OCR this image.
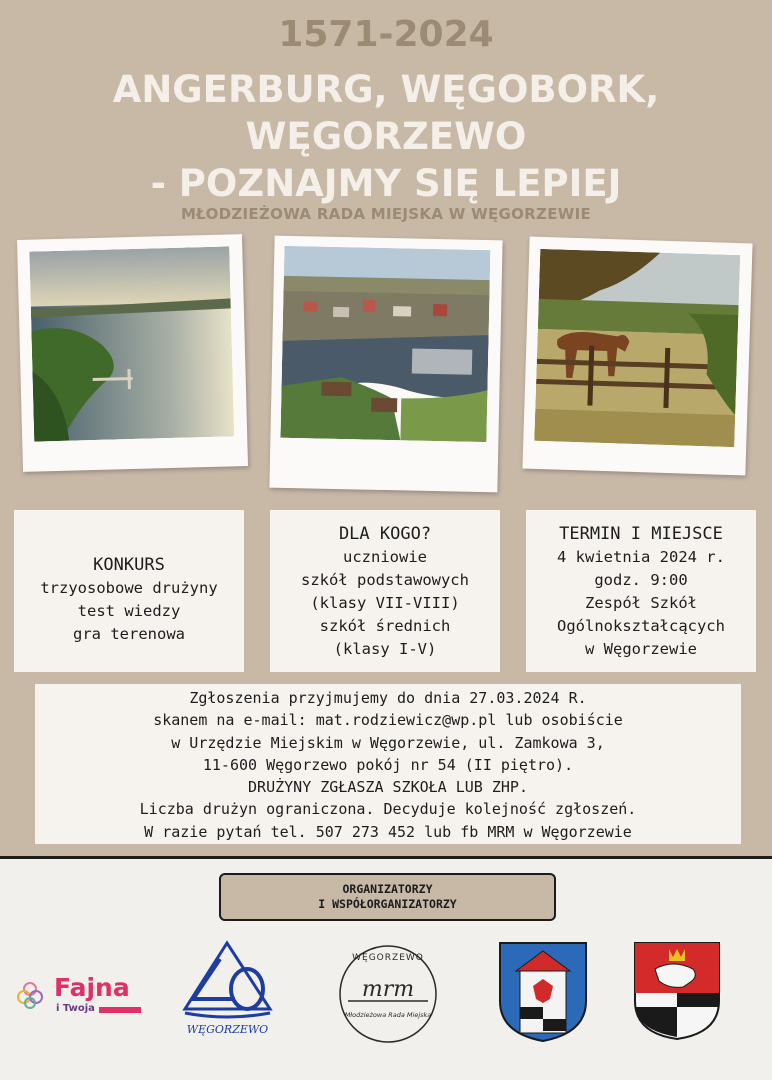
1571-2024
ANGERBURG, WĘGOBORK,
WĘGORZEWO
- POZNAJMY SIĘ LEPIEJ
MŁODZIEŻOWA RADA MIEJSKA W WĘGORZEWIE
KONKURS
trzyosobowe drużyny
test wiedzy
gra terenowa
DLA KOGO?
uczniowie
szkół podstawowych
(klasy VII-VIII)
szkół średnich
(klasy I-V)
TERMIN I MIEJSCE
4 kwietnia 2024 r.
godz. 9:00
Zespół Szkół
Ogólnokształcących
w Węgorzewie
Zgłoszenia przyjmujemy do dnia 27.03.2024 R.
skanem na e-mail: mat.rodziewicz@wp.pl lub osobiście
w Urzędzie Miejskim w Węgorzewie, ul. Zamkowa 3,
11-600 Węgorzewo pokój nr 54 (II piętro).
DRUŻYNY ZGŁASZA SZKOŁA LUB ZHP.
Liczba drużyn ograniczona. Decyduje kolejność zgłoszeń.
W razie pytań tel. 507 273 452 lub fb MRM w Węgorzewie
ORGANIZATORZY
I WSPÓŁORGANIZATORZY
Fajna
i Twoja
WĘGORZEWO
WĘGORZEWO
mrm
Młodzieżowa Rada Miejska
